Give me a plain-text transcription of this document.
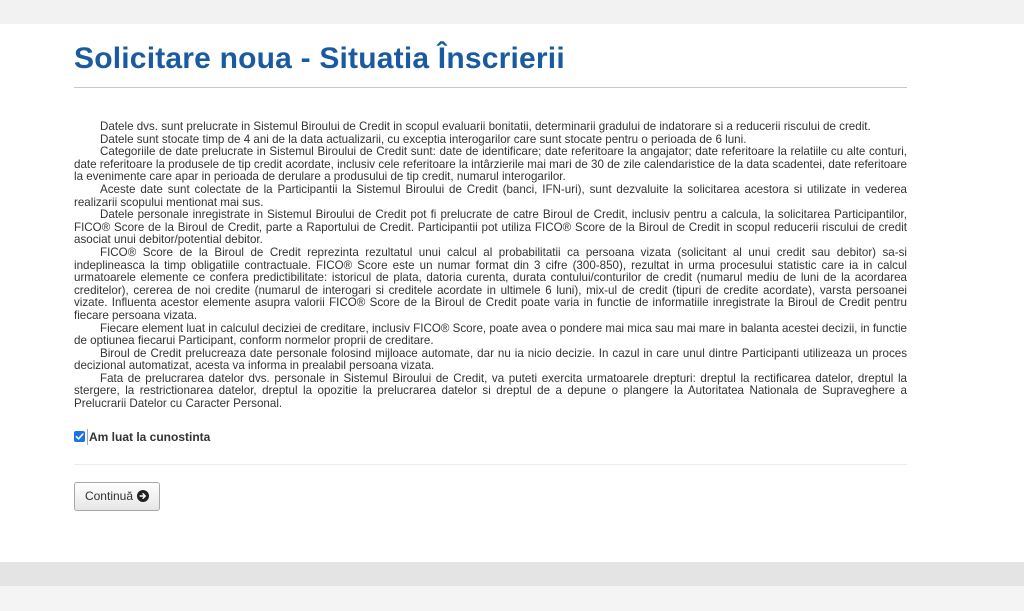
Solicitare noua - Situatia Înscrierii

Datele dvs. sunt prelucrate in Sistemul Biroului de Credit in scopul evaluarii bonitatii, determinarii gradului de indatorare si a reducerii riscului de credit.

Datele sunt stocate timp de 4 ani de la data actualizarii, cu exceptia interogarilor care sunt stocate pentru o perioada de 6 luni.

Categoriile de date prelucrate in Sistemul Biroului de Credit sunt: date de identificare; date referitoare la angajator; date referitoare la relatiile cu alte conturi, date referitoare la produsele de tip credit acordate, inclusiv cele referitoare la intârzierile mai mari de 30 de zile calendaristice de la data scadentei, date referitoare la evenimente care apar in perioada de derulare a produsului de tip credit, numarul interogarilor.

Aceste date sunt colectate de la Participantii la Sistemul Biroului de Credit (banci, IFN-uri), sunt dezvaluite la solicitarea acestora si utilizate in vederea realizarii scopului mentionat mai sus.

Datele personale inregistrate in Sistemul Biroului de Credit pot fi prelucrate de catre Biroul de Credit, inclusiv pentru a calcula, la solicitarea Participantilor, FICO® Score de la Biroul de Credit, parte a Raportului de Credit. Participantii pot utiliza FICO® Score de la Biroul de Credit in scopul reducerii riscului de credit asociat unui debitor/potential debitor.

FICO® Score de la Biroul de Credit reprezinta rezultatul unui calcul al probabilitatii ca persoana vizata (solicitant al unui credit sau debitor) sa-si indeplineasca la timp obligatiile contractuale. FICO® Score este un numar format din 3 cifre (300-850), rezultat in urma procesului statistic care ia in calcul urmatoarele elemente ce confera predictibilitate: istoricul de plata, datoria curenta, durata contului/conturilor de credit (numarul mediu de luni de la acordarea creditelor), cererea de noi credite (numarul de interogari si creditele acordate in ultimele 6 luni), mix-ul de credit (tipuri de credite acordate), varsta persoanei vizate. Influenta acestor elemente asupra valorii FICO® Score de la Biroul de Credit poate varia in functie de informatiile inregistrate la Biroul de Credit pentru fiecare persoana vizata.

Fiecare element luat in calculul deciziei de creditare, inclusiv FICO® Score, poate avea o pondere mai mica sau mai mare in balanta acestei decizii, in functie de optiunea fiecarui Participant, conform normelor proprii de creditare.

Biroul de Credit prelucreaza date personale folosind mijloace automate, dar nu ia nicio decizie. In cazul in care unul dintre Participanti utilizeaza un proces decizional automatizat, acesta va informa in prealabil persoana vizata.

Fata de prelucrarea datelor dvs. personale in Sistemul Biroului de Credit, va puteti exercita urmatoarele drepturi: dreptul la rectificarea datelor, dreptul la stergere, la restrictionarea datelor, dreptul la opozitie la prelucrarea datelor si dreptul de a depune o plangere la Autoritatea Nationala de Supraveghere a Prelucrarii Datelor cu Caracter Personal.

Am luat la cunostinta
Continuă
